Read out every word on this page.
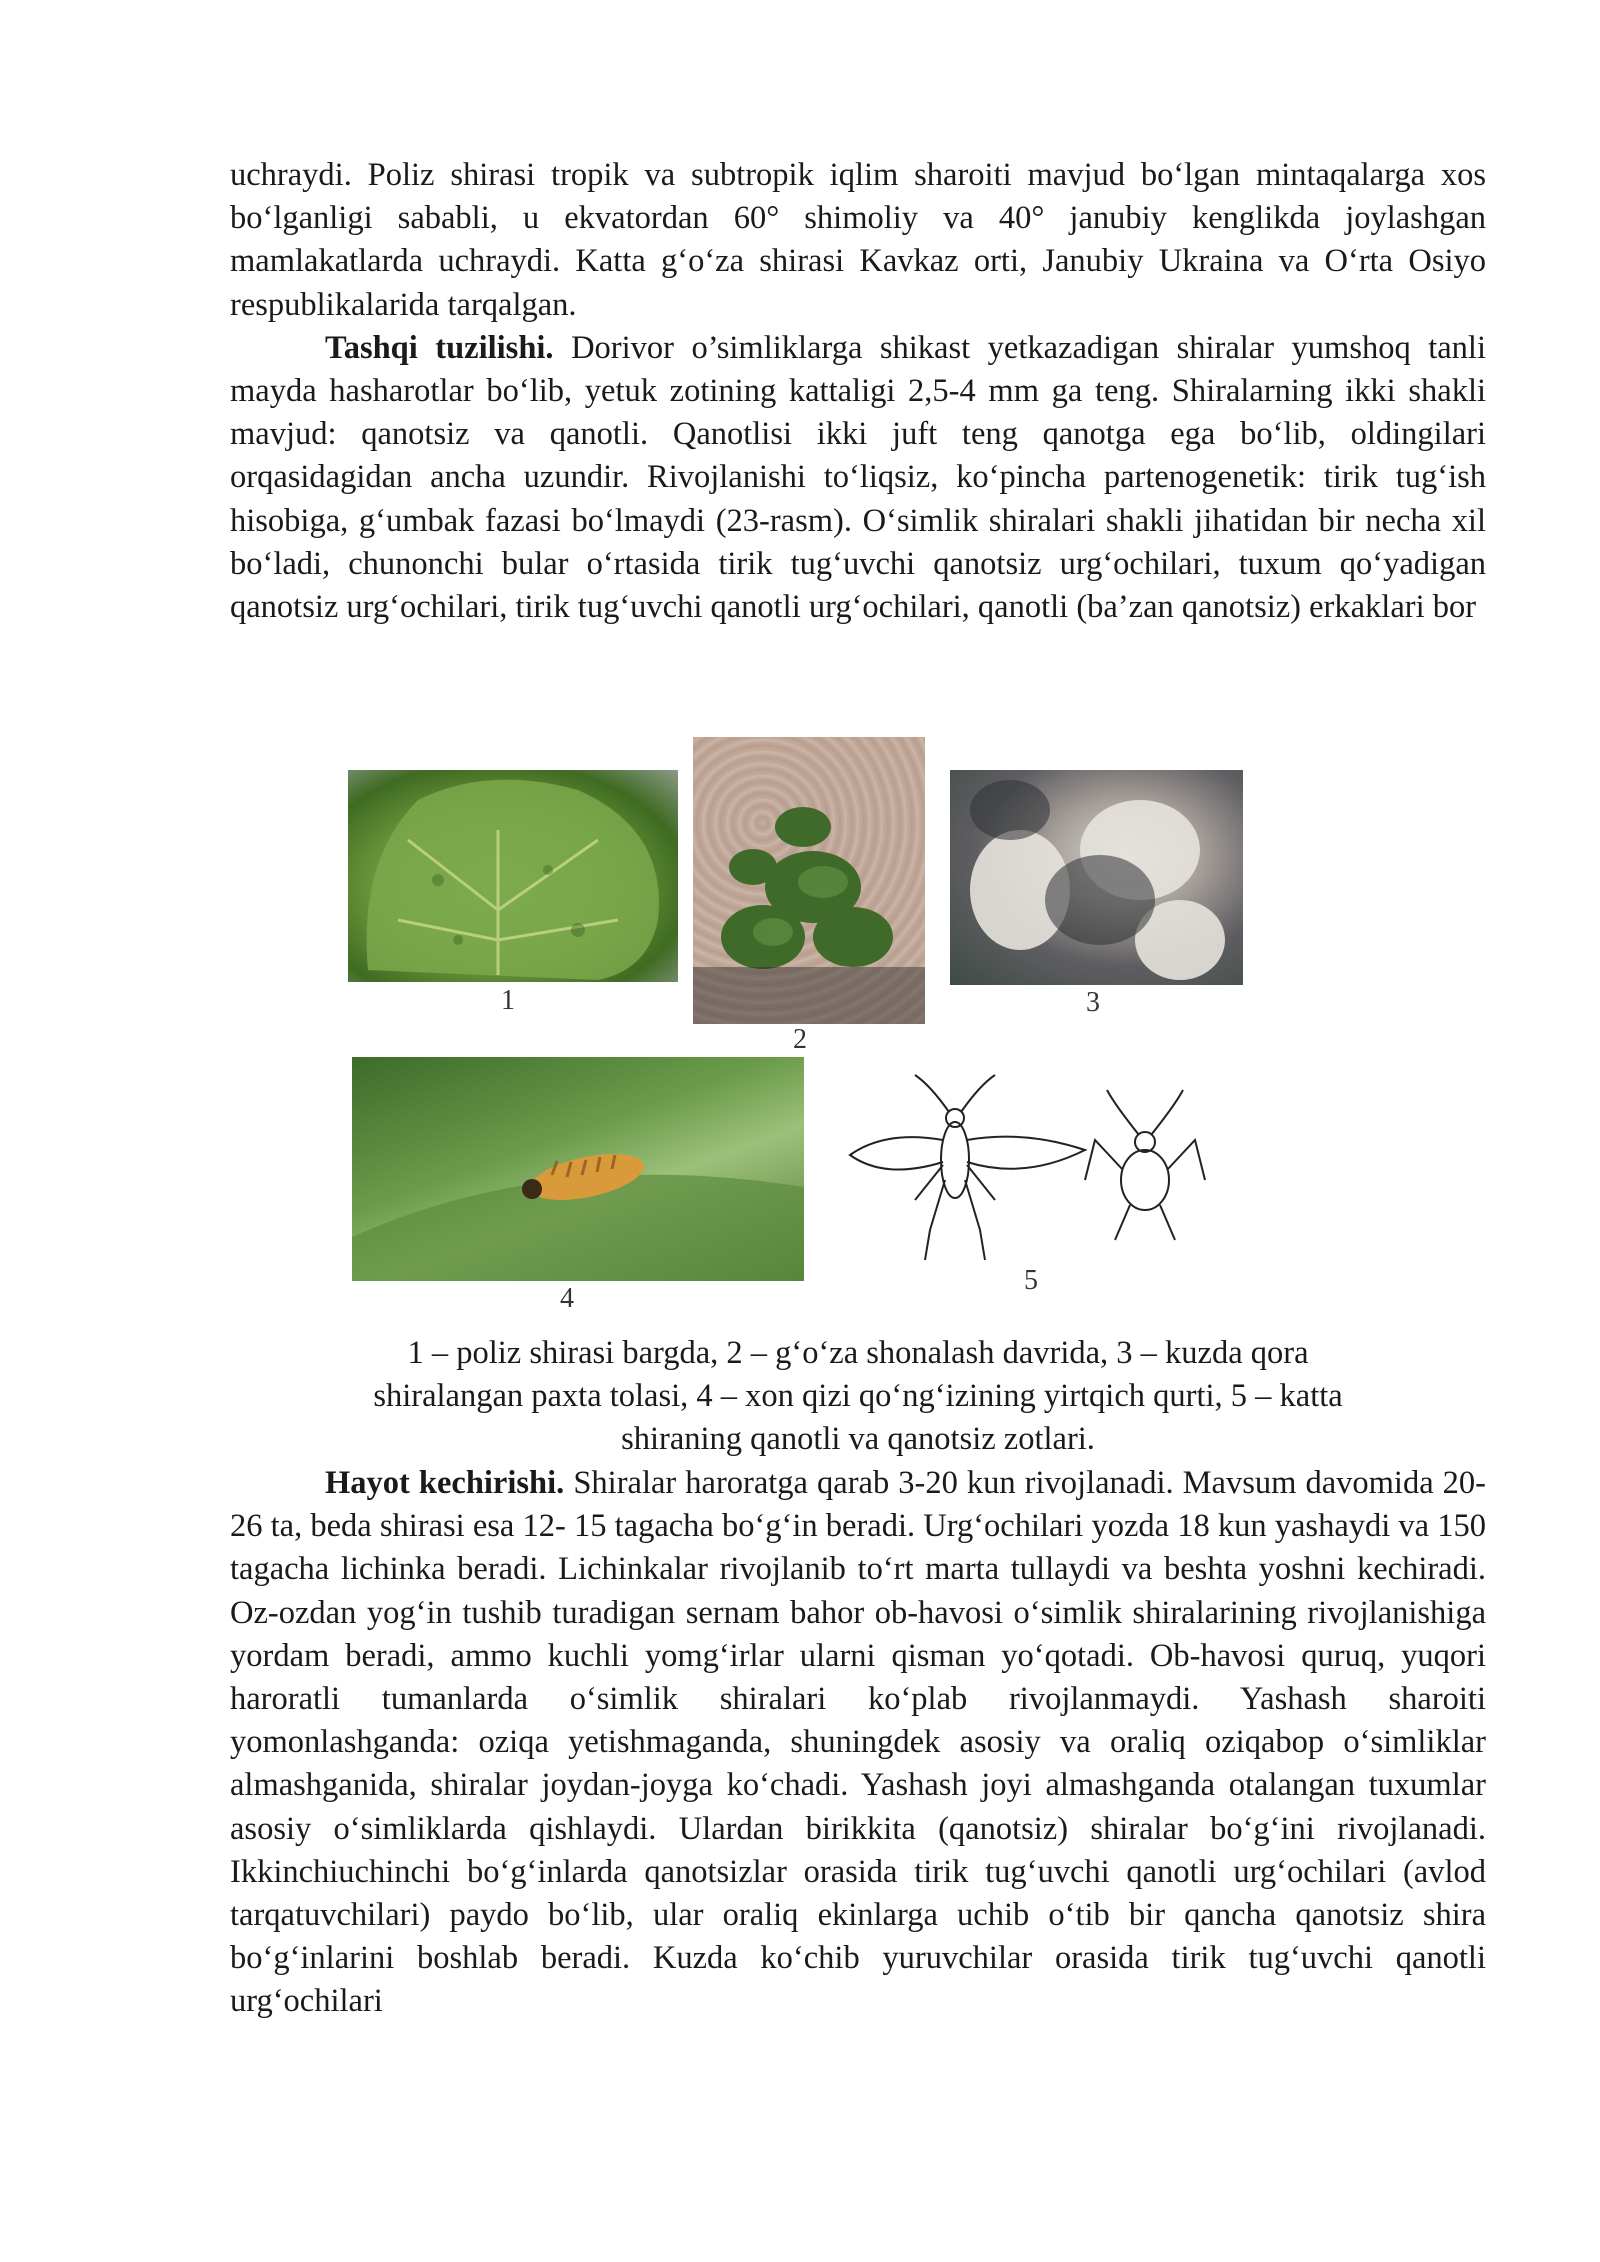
uchraydi. Poliz shirasi tropik va subtropik iqlim sharoiti mavjud bo‘lgan mintaqalarga xos bo‘lganligi sababli, u ekvatordan 60° shimoliy va 40° janubiy kenglikda joylashgan mamlakatlarda uchraydi. Katta g‘o‘za shirasi Kavkaz orti, Janubiy Ukraina va O‘rta Osiyo respublikalarida tarqalgan.

Tashqi tuzilishi. Dorivor o’simliklarga shikast yetkazadigan shiralar yumshoq tanli mayda hasharotlar bo‘lib, yetuk zotining kattaligi 2,5-4 mm ga teng. Shiralarning ikki shakli mavjud: qanotsiz va qanotli. Qanotlisi ikki juft teng qanotga ega bo‘lib, oldingilari orqasidagidan ancha uzundir. Rivojlanishi to‘liqsiz, ko‘pincha partenogenetik: tirik tug‘ish hisobiga, g‘umbak fazasi bo‘lmaydi (23-rasm). O‘simlik shiralari shakli jihatidan bir necha xil bo‘ladi, chunonchi bular o‘rtasida tirik tug‘uvchi qanotsiz urg‘ochilari, tuxum qo‘yadigan qanotsiz urg‘ochilari, tirik tug‘uvchi qanotli urg‘ochilari, qanotli (ba’zan qanotsiz) erkaklari bor

1
2
3
4
5
1 – poliz shirasi bargda, 2 – g‘o‘za shonalash davrida, 3 – kuzda qora
shiralangan paxta tolasi, 4 – xon qizi qo‘ng‘izining yirtqich qurti, 5 – katta
shiraning qanotli va qanotsiz zotlari.

Hayot kechirishi. Shiralar haroratga qarab 3-20 kun rivojlanadi. Mavsum davomida 20-26 ta, beda shirasi esa 12- 15 tagacha bo‘g‘in beradi. Urg‘ochilari yozda 18 kun yashaydi va 150 tagacha lichinka beradi. Lichinkalar rivojlanib to‘rt marta tullaydi va beshta yoshni kechiradi. Oz-ozdan yog‘in tushib turadigan sernam bahor ob-havosi o‘simlik shiralarining rivojlanishiga yordam beradi, ammo kuchli yomg‘irlar ularni qisman yo‘qotadi. Ob-havosi quruq, yuqori haroratli tumanlarda o‘simlik shiralari ko‘plab rivojlanmaydi. Yashash sharoiti yomonlashganda: oziqa yetishmaganda, shuningdek asosiy va oraliq oziqabop o‘simliklar almashganida, shiralar joydan-joyga ko‘chadi. Yashash joyi almashganda otalangan tuxumlar asosiy o‘simliklarda qishlaydi. Ulardan birikkita (qanotsiz) shiralar bo‘g‘ini rivojlanadi. Ikkinchiuchinchi bo‘g‘inlarda qanotsizlar orasida tirik tug‘uvchi qanotli urg‘ochilari (avlod tarqatuvchilari) paydo bo‘lib, ular oraliq ekinlarga uchib o‘tib bir qancha qanotsiz shira bo‘g‘inlarini boshlab beradi. Kuzda ko‘chib yuruvchilar orasida tirik tug‘uvchi qanotli urg‘ochilari
